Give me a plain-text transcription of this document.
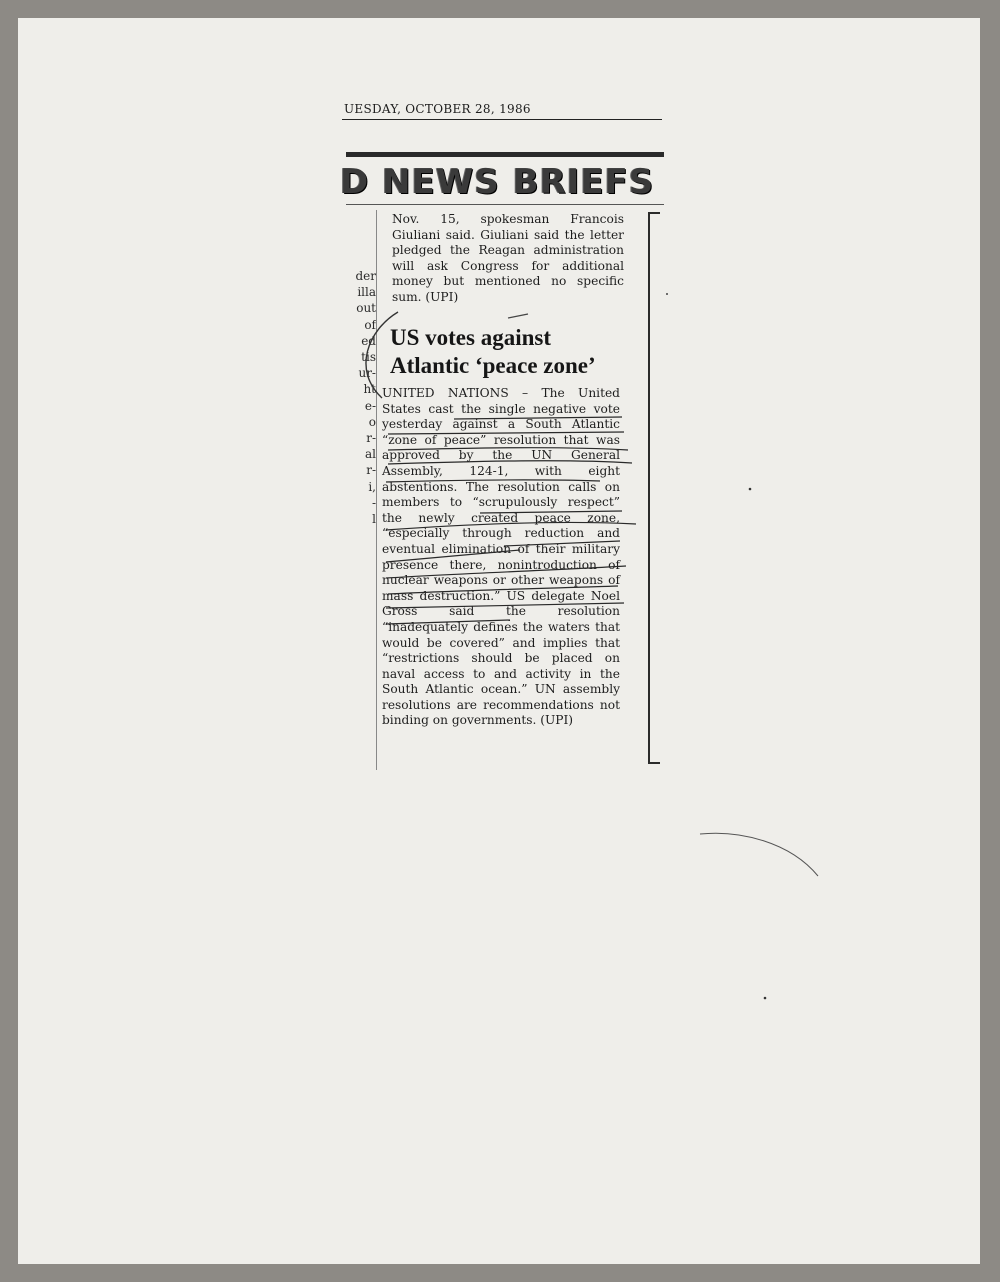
UESDAY, OCTOBER 28, 1986
D NEWS BRIEFS
der
illa
out
of
ed
tis
ur-
ht
e-
o
r-
al
r-
i,
-
l
Nov. 15, spokesman Francois Giuliani said. Giuliani said the letter pledged the Reagan administration will ask Congress for additional money but mentioned no specific sum. (UPI)
US votes against
Atlantic ‘peace zone’
UNITED NATIONS – The United States cast the single negative vote yesterday against a South Atlantic “zone of peace” resolution that was approved by the UN General Assembly, 124-1, with eight abstentions. The resolution calls on members to “scrupulously respect” the newly created peace zone, “especially through reduction and eventual elimination of their military presence there, nonintroduction of nuclear weapons or other weapons of mass destruction.” US delegate Noel Gross said the resolution “inadequately defines the waters that would be covered” and implies that “restrictions should be placed on naval access to and activity in the South Atlantic ocean.” UN assembly resolutions are recommendations not binding on governments. (UPI)
